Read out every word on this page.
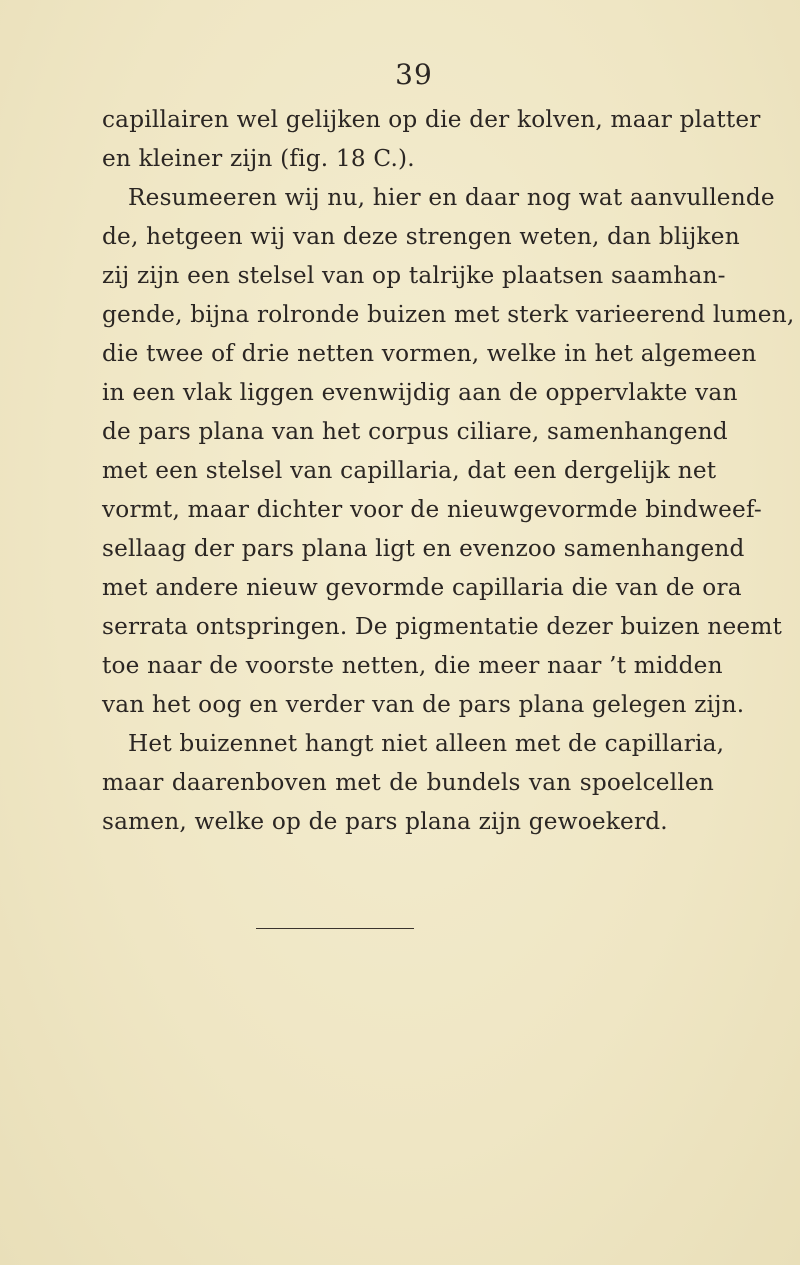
39
capillairen wel gelijken op die der kolven, maar platter
en kleiner zijn (fig. 18 C.).
Resumeeren wij nu, hier en daar nog wat aanvullende
de, hetgeen wij van deze strengen weten, dan blijken
zij zijn een stelsel van op talrijke plaatsen saamhan-
gende, bijna rolronde buizen met sterk varieerend lumen,
die twee of drie netten vormen, welke in het algemeen
in een vlak liggen evenwijdig aan de oppervlakte van
de pars plana van het corpus ciliare, samenhangend
met een stelsel van capillaria, dat een dergelijk net
vormt, maar dichter voor de nieuwgevormde bindweef-
sellaag der pars plana ligt en evenzoo samenhangend
met andere nieuw gevormde capillaria die van de ora
serrata ontspringen. De pigmentatie dezer buizen neemt
toe naar de voorste netten, die meer naar ’t midden
van het oog en verder van de pars plana gelegen zijn.
Het buizennet hangt niet alleen met de capillaria,
maar daarenboven met de bundels van spoelcellen
samen, welke op de pars plana zijn gewoekerd.
